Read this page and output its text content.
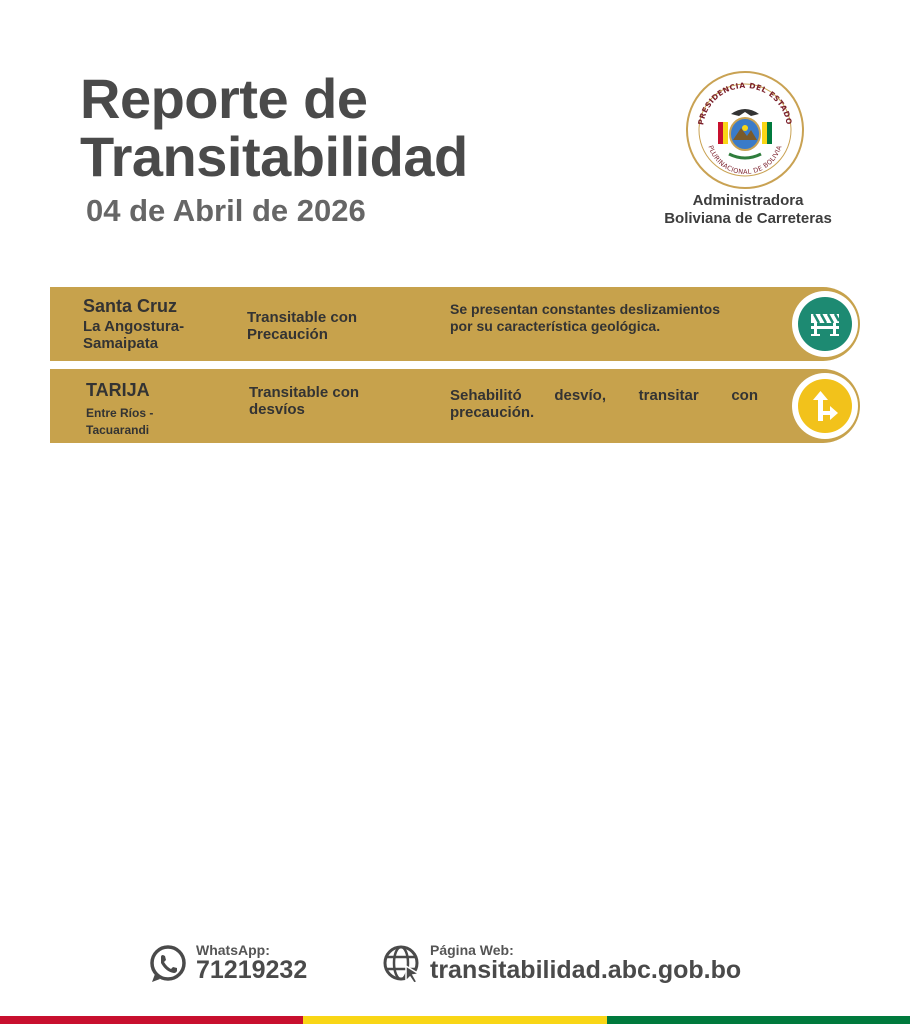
Reporte de
Transitabilidad
04 de Abril de 2026
PRESIDENCIA DEL ESTADO
PLURINACIONAL DE BOLIVIA
Administradora
Boliviana de Carreteras
Santa Cruz
La Angostura-
Samaipata
Transitable con
Precaución
Se presentan constantes deslizamientos
por su característica geológica.
TARIJA
Entre Ríos -
Tacuarandi
Transitable con
desvíos
Sehabilitó desvío, transitar con
precaución.
WhatsApp:
71219232
Página Web:
transitabilidad.abc.gob.bo
